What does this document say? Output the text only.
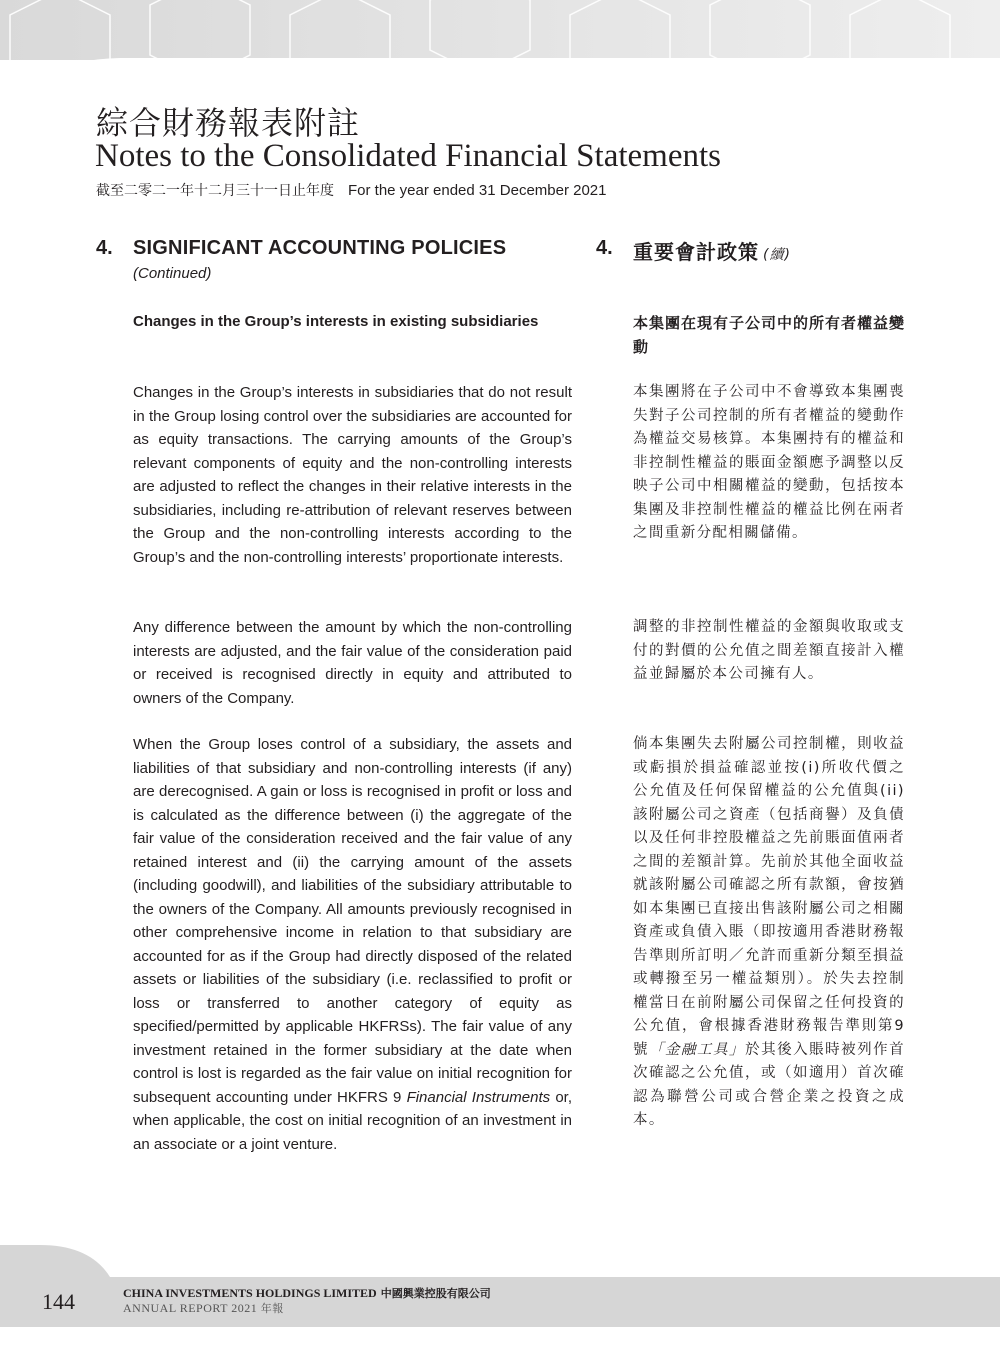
綜合財務報表附註
Notes to the Consolidated Financial Statements
截至二零二一年十二月三十一日止年度 For the year ended 31 December 2021
4. SIGNIFICANT ACCOUNTING POLICIES
(Continued)
4. 重要會計政策 (續)
Changes in the Group’s interests in existing subsidiaries	本集團在現有子公司中的所有者權益變動

Changes in the Group’s interests in subsidiaries that do not result in the Group losing control over the subsidiaries are accounted for as equity transactions. The carrying amounts of the Group’s relevant components of equity and the non-controlling interests are adjusted to reflect the changes in their relative interests in the subsidiaries, including re-attribution of relevant reserves between the Group and the non-controlling interests according to the Group’s and the non-controlling interests’ proportionate interests.

Any difference between the amount by which the non-controlling interests are adjusted, and the fair value of the consideration paid or received is recognised directly in equity and attributed to owners of the Company.

When the Group loses control of a subsidiary, the assets and liabilities of that subsidiary and non-controlling interests (if any) are derecognised. A gain or loss is recognised in profit or loss and is calculated as the difference between (i) the aggregate of the fair value of the consideration received and the fair value of any retained interest and (ii) the carrying amount of the assets (including goodwill), and liabilities of the subsidiary attributable to the owners of the Company. All amounts previously recognised in other comprehensive income in relation to that subsidiary are accounted for as if the Group had directly disposed of the related assets or liabilities of the subsidiary (i.e. reclassified to profit or loss or transferred to another category of equity as specified/permitted by applicable HKFRSs). The fair value of any investment retained in the former subsidiary at the date when control is lost is regarded as the fair value on initial recognition for subsequent accounting under HKFRS 9 Financial Instruments or, when applicable, the cost on initial recognition of an investment in an associate or a joint venture.

本集團將在子公司中不會導致本集團喪失對子公司控制的所有者權益的變動作為權益交易核算。本集團持有的權益和非控制性權益的賬面金額應予調整以反映子公司中相關權益的變動，包括按本集團及非控制性權益的權益比例在兩者之間重新分配相關儲備。

調整的非控制性權益的金額與收取或支付的對價的公允值之間差額直接計入權益並歸屬於本公司擁有人。

倘本集團失去附屬公司控制權，則收益或虧損於損益確認並按(i)所收代價之公允值及任何保留權益的公允值與(ii)該附屬公司之資產（包括商譽）及負債以及任何非控股權益之先前賬面值兩者之間的差額計算。先前於其他全面收益就該附屬公司確認之所有款額，會按猶如本集團已直接出售該附屬公司之相關資產或負債入賬（即按適用香港財務報告準則所訂明／允許而重新分類至損益或轉撥至另一權益類別）。於失去控制權當日在前附屬公司保留之任何投資的公允值，會根據香港財務報告準則第9號「金融工具」於其後入賬時被列作首次確認之公允值，或（如適用）首次確認為聯營公司或合營企業之投資之成本。

144	CHINA INVESTMENTS HOLDINGS LIMITED 中國興業控股有限公司
ANNUAL REPORT 2021 年報
